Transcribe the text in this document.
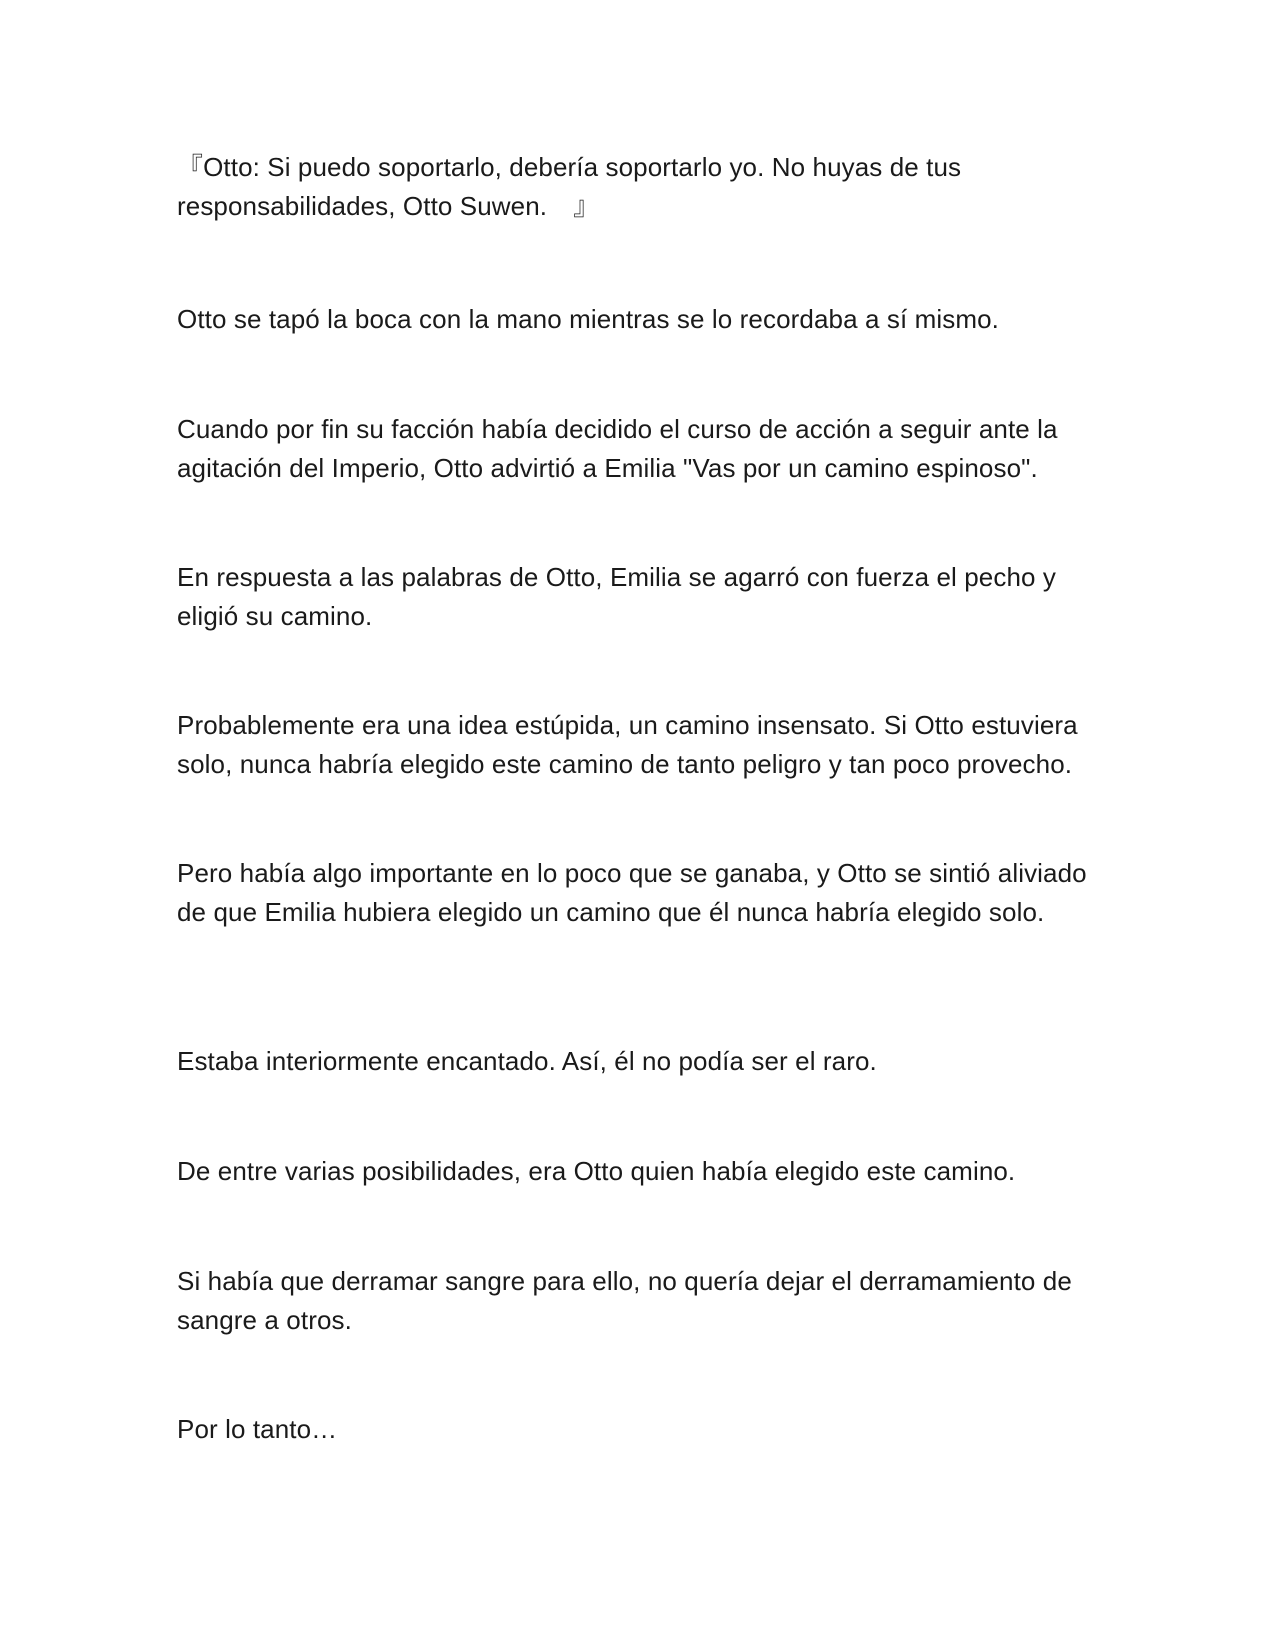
『Otto: Si puedo soportarlo, debería soportarlo yo. No huyas de tus responsabilidades, Otto Suwen.　』

Otto se tapó la boca con la mano mientras se lo recordaba a sí mismo.

Cuando por fin su facción había decidido el curso de acción a seguir ante la agitación del Imperio, Otto advirtió a Emilia "Vas por un camino espinoso".

En respuesta a las palabras de Otto, Emilia se agarró con fuerza el pecho y eligió su camino.

Probablemente era una idea estúpida, un camino insensato. Si Otto estuviera solo, nunca habría elegido este camino de tanto peligro y tan poco provecho.

Pero había algo importante en lo poco que se ganaba, y Otto se sintió aliviado de que Emilia hubiera elegido un camino que él nunca habría elegido solo.

Estaba interiormente encantado. Así, él no podía ser el raro.

De entre varias posibilidades, era Otto quien había elegido este camino.

Si había que derramar sangre para ello, no quería dejar el derramamiento de sangre a otros.

Por lo tanto…
